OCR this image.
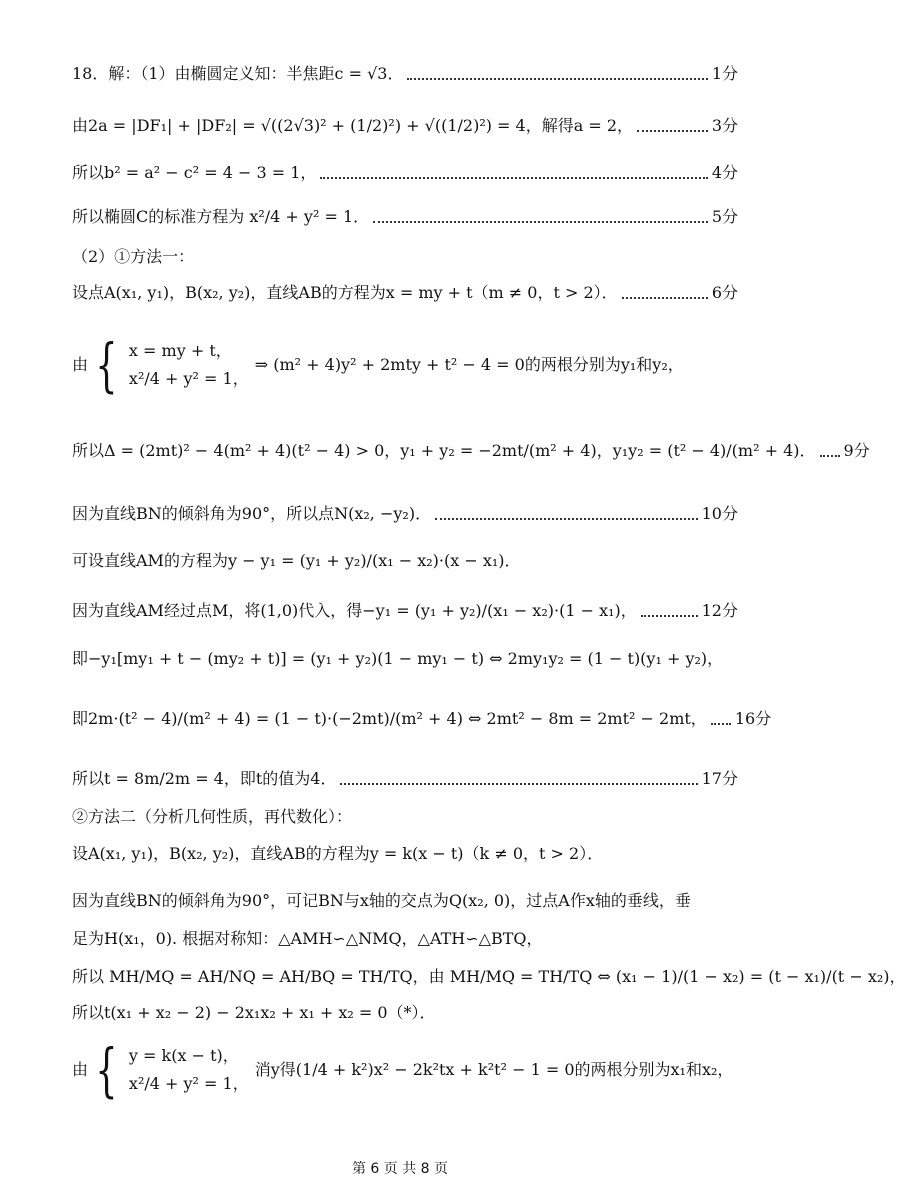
18．解：（1）由椭圆定义知：半焦距c = √3．	1分
由2a = |DF₁| + |DF₂| = √((2√3)² + (1/2)²) + √((1/2)²) = 4，解得a = 2，	3分
所以b² = a² − c² = 4 − 3 = 1，	4分
所以椭圆C的标准方程为 x²/4 + y² = 1．	5分
（2）①方法一：
设点A(x₁, y₁)，B(x₂, y₂)，直线AB的方程为x = my + t（m ≠ 0，t > 2）．	6分
由 { x = my + t，
x²/4 + y² = 1，
⇒ (m² + 4)y² + 2mty + t² − 4 = 0的两根分别为y₁和y₂，
所以Δ = (2mt)² − 4(m² + 4)(t² − 4) > 0，y₁ + y₂ = −2mt/(m² + 4)，y₁y₂ = (t² − 4)/(m² + 4)． 9分
因为直线BN的倾斜角为90°，所以点N(x₂, −y₂)．	10分
可设直线AM的方程为y − y₁ = (y₁ + y₂)/(x₁ − x₂)·(x − x₁)．
因为直线AM经过点M，将(1,0)代入，得−y₁ = (y₁ + y₂)/(x₁ − x₂)·(1 − x₁)，	12分
即−y₁[my₁ + t − (my₂ + t)] = (y₁ + y₂)(1 − my₁ − t) ⇔ 2my₁y₂ = (1 − t)(y₁ + y₂)，
即2m·(t² − 4)/(m² + 4) = (1 − t)·(−2mt)/(m² + 4) ⇔ 2mt² − 8m = 2mt² − 2mt， 16分
所以t = 8m/2m = 4，即t的值为4．	17分
②方法二（分析几何性质，再代数化）：
设A(x₁, y₁)，B(x₂, y₂)，直线AB的方程为y = k(x − t)（k ≠ 0，t > 2）．
因为直线BN的倾斜角为90°，可记BN与x轴的交点为Q(x₂, 0)，过点A作x轴的垂线，垂
足为H(x₁，0). 根据对称知：△AMH∽△NMQ，△ATH∽△BTQ，
所以 MH/MQ = AH/NQ = AH/BQ = TH/TQ，由 MH/MQ = TH/TQ ⇔ (x₁ − 1)/(1 − x₂) = (t − x₁)/(t − x₂)，
所以t(x₁ + x₂ − 2) − 2x₁x₂ + x₁ + x₂ = 0（*）．
由 { y = k(x − t)，
x²/4 + y² = 1，
消y得(1/4 + k²)x² − 2k²tx + k²t² − 1 = 0的两根分别为x₁和x₂，
第 6 页 共 8 页
